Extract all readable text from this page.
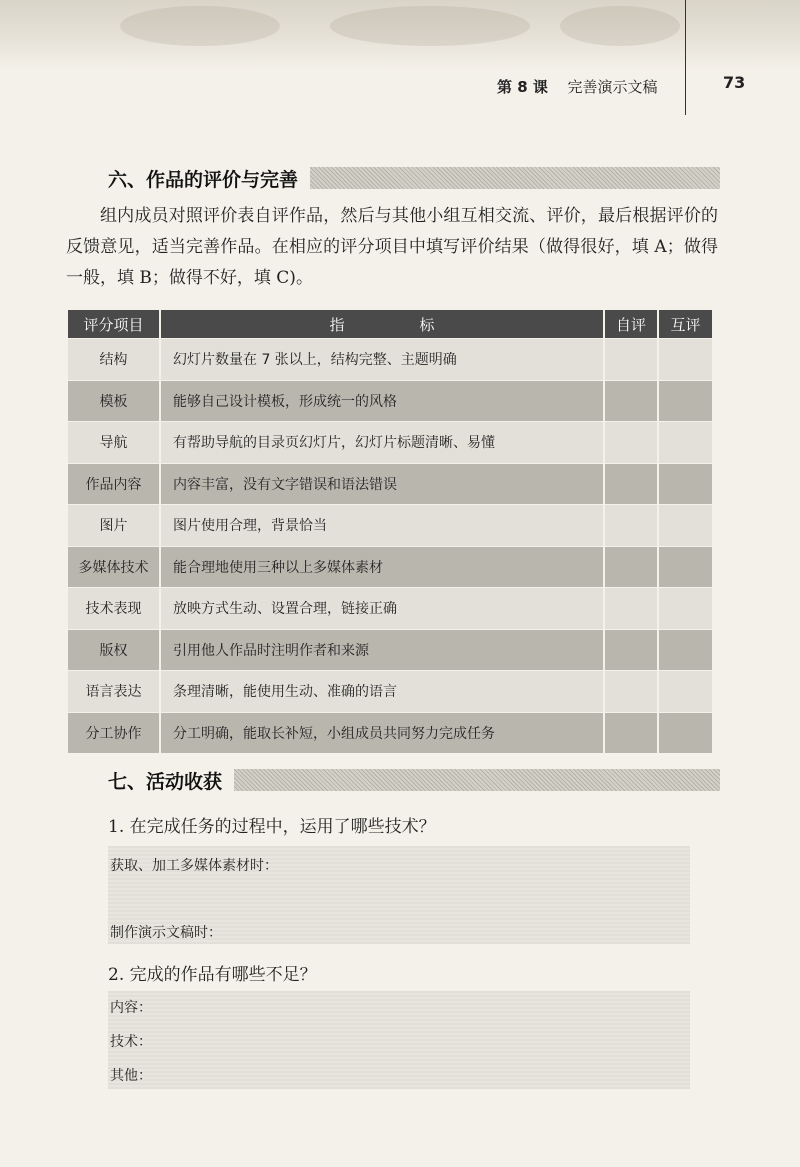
第 8 课 完善演示文稿	73
六、作品的评价与完善

组内成员对照评价表自评作品，然后与其他小组互相交流、评价，最后根据评价的反馈意见，适当完善作品。在相应的评分项目中填写评价结果（做得很好，填 A；做得一般，填 B；做得不好，填 C)。

评分项目	指　　　　　标	自评	互评
结构	幻灯片数量在 7 张以上，结构完整、主题明确		
模板	能够自己设计模板，形成统一的风格		
导航	有帮助导航的目录页幻灯片，幻灯片标题清晰、易懂		
作品内容	内容丰富，没有文字错误和语法错误		
图片	图片使用合理，背景恰当		
多媒体技术	能合理地使用三种以上多媒体素材		
技术表现	放映方式生动、设置合理，链接正确		
版权	引用他人作品时注明作者和来源		
语言表达	条理清晰，能使用生动、准确的语言		
分工协作	分工明确，能取长补短，小组成员共同努力完成任务		
七、活动收获

1. 在完成任务的过程中，运用了哪些技术？

获取、加工多媒体素材时：
制作演示文稿时：

2. 完成的作品有哪些不足？

内容：
技术：
其他：
